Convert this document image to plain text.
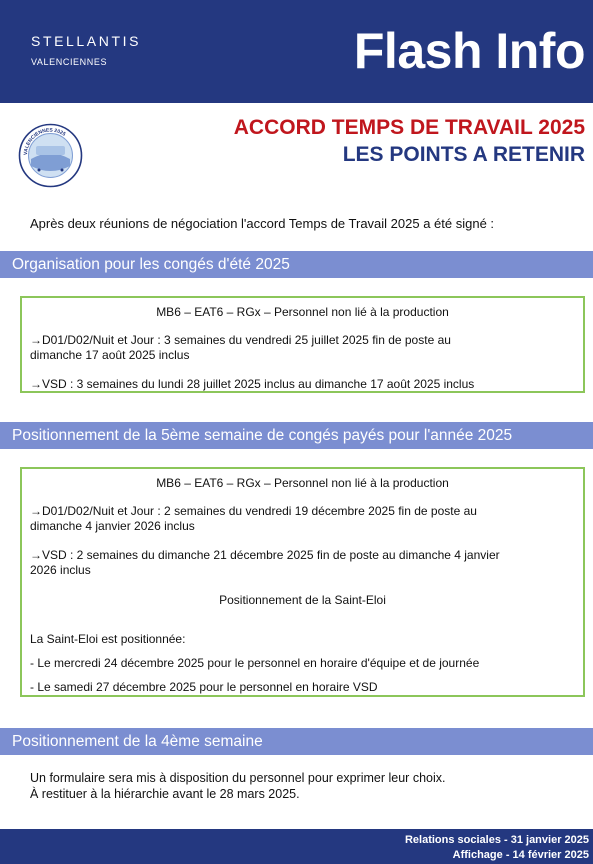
STELLANTIS
VALENCIENNES	Flash Info
VALENCIENNES 2025	ACCORD TEMPS DE TRAVAIL 2025
LES POINTS A RETENIR
Après deux réunions de négociation l'accord Temps de Travail 2025 a été signé :
Organisation pour les congés d'été 2025
MB6 – EAT6 – RGx – Personnel non lié à la production
→D01/D02/Nuit et Jour : 3 semaines du vendredi 25 juillet 2025 fin de poste au
dimanche 17 août 2025 inclus
→VSD : 3 semaines du lundi 28 juillet 2025 inclus au dimanche 17 août 2025 inclus
Positionnement de la 5ème semaine de congés payés pour l'année 2025
MB6 – EAT6 – RGx – Personnel non lié à la production
→D01/D02/Nuit et Jour : 2 semaines du vendredi 19 décembre 2025 fin de poste au
dimanche 4 janvier 2026 inclus
→VSD : 2 semaines du dimanche 21 décembre 2025 fin de poste au dimanche 4 janvier
2026 inclus
Positionnement de la Saint-Eloi
La Saint-Eloi est positionnée:
- Le mercredi 24 décembre 2025 pour le personnel en horaire d'équipe et de journée
- Le samedi 27 décembre 2025 pour le personnel en horaire VSD
Positionnement de la 4ème semaine
Un formulaire sera mis à disposition du personnel pour exprimer leur choix.
À restituer à la hiérarchie avant le 28 mars 2025.
Relations sociales - 31 janvier 2025
Affichage - 14 février 2025
